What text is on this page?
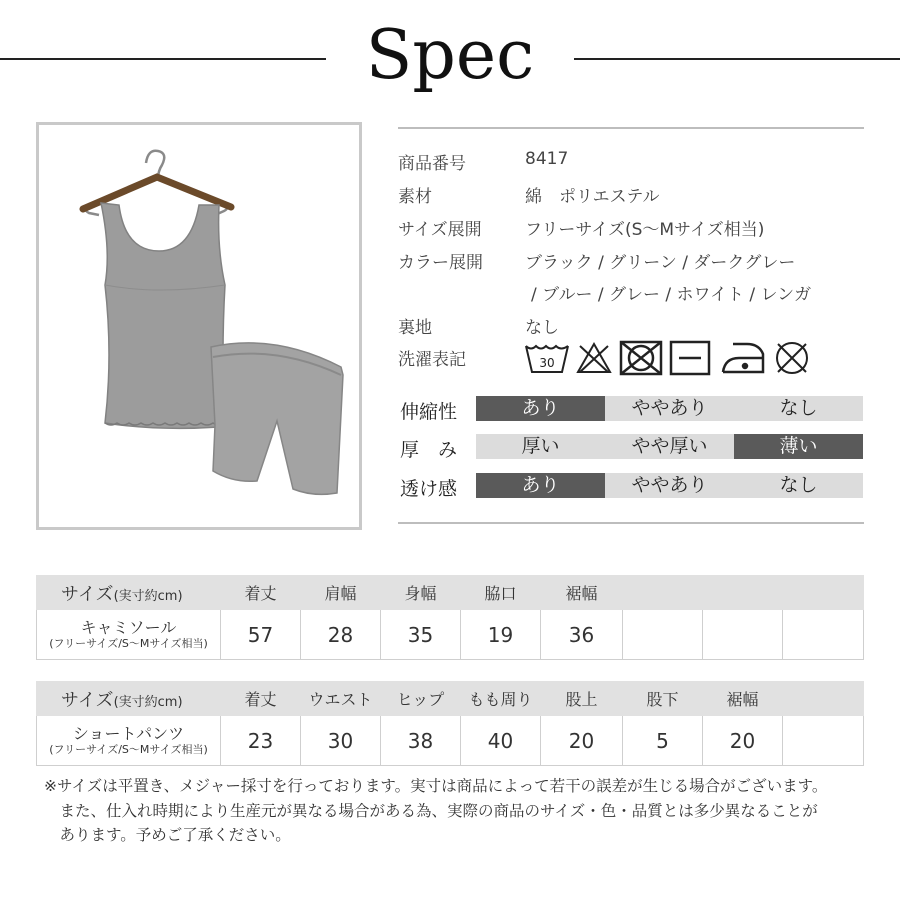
Spec
商品番号	8417
素材	綿　ポリエステル
サイズ展開	フリーサイズ(S～Mサイズ相当)
カラー展開 ブラック / グリーン / ダークグレー
/ ブルー / グレー / ホワイト / レンガ
裏地	なし
洗濯表記	30
伸縮性	あり	ややあり	なし
厚　み	厚い	やや厚い	薄い
透け感	あり	ややあり	なし
サイズ(実寸約cm)	着丈	肩幅	身幅	脇口	裾幅			

キャミソール
(フリーサイズ/S～Mサイズ相当)	57	28	35	19	36			
サイズ(実寸約cm)	着丈	ウエスト	ヒップ	もも周り	股上	股下	裾幅	

ショートパンツ
(フリーサイズ/S～Mサイズ相当)	23	30	38	40	20	5	20	

※サイズは平置き、メジャー採寸を行っております。実寸は商品によって若干の誤差が生じる場合がございます。

　また、仕入れ時期により生産元が異なる場合がある為、実際の商品のサイズ・色・品質とは多少異なることが

　あります。予めご了承ください。
